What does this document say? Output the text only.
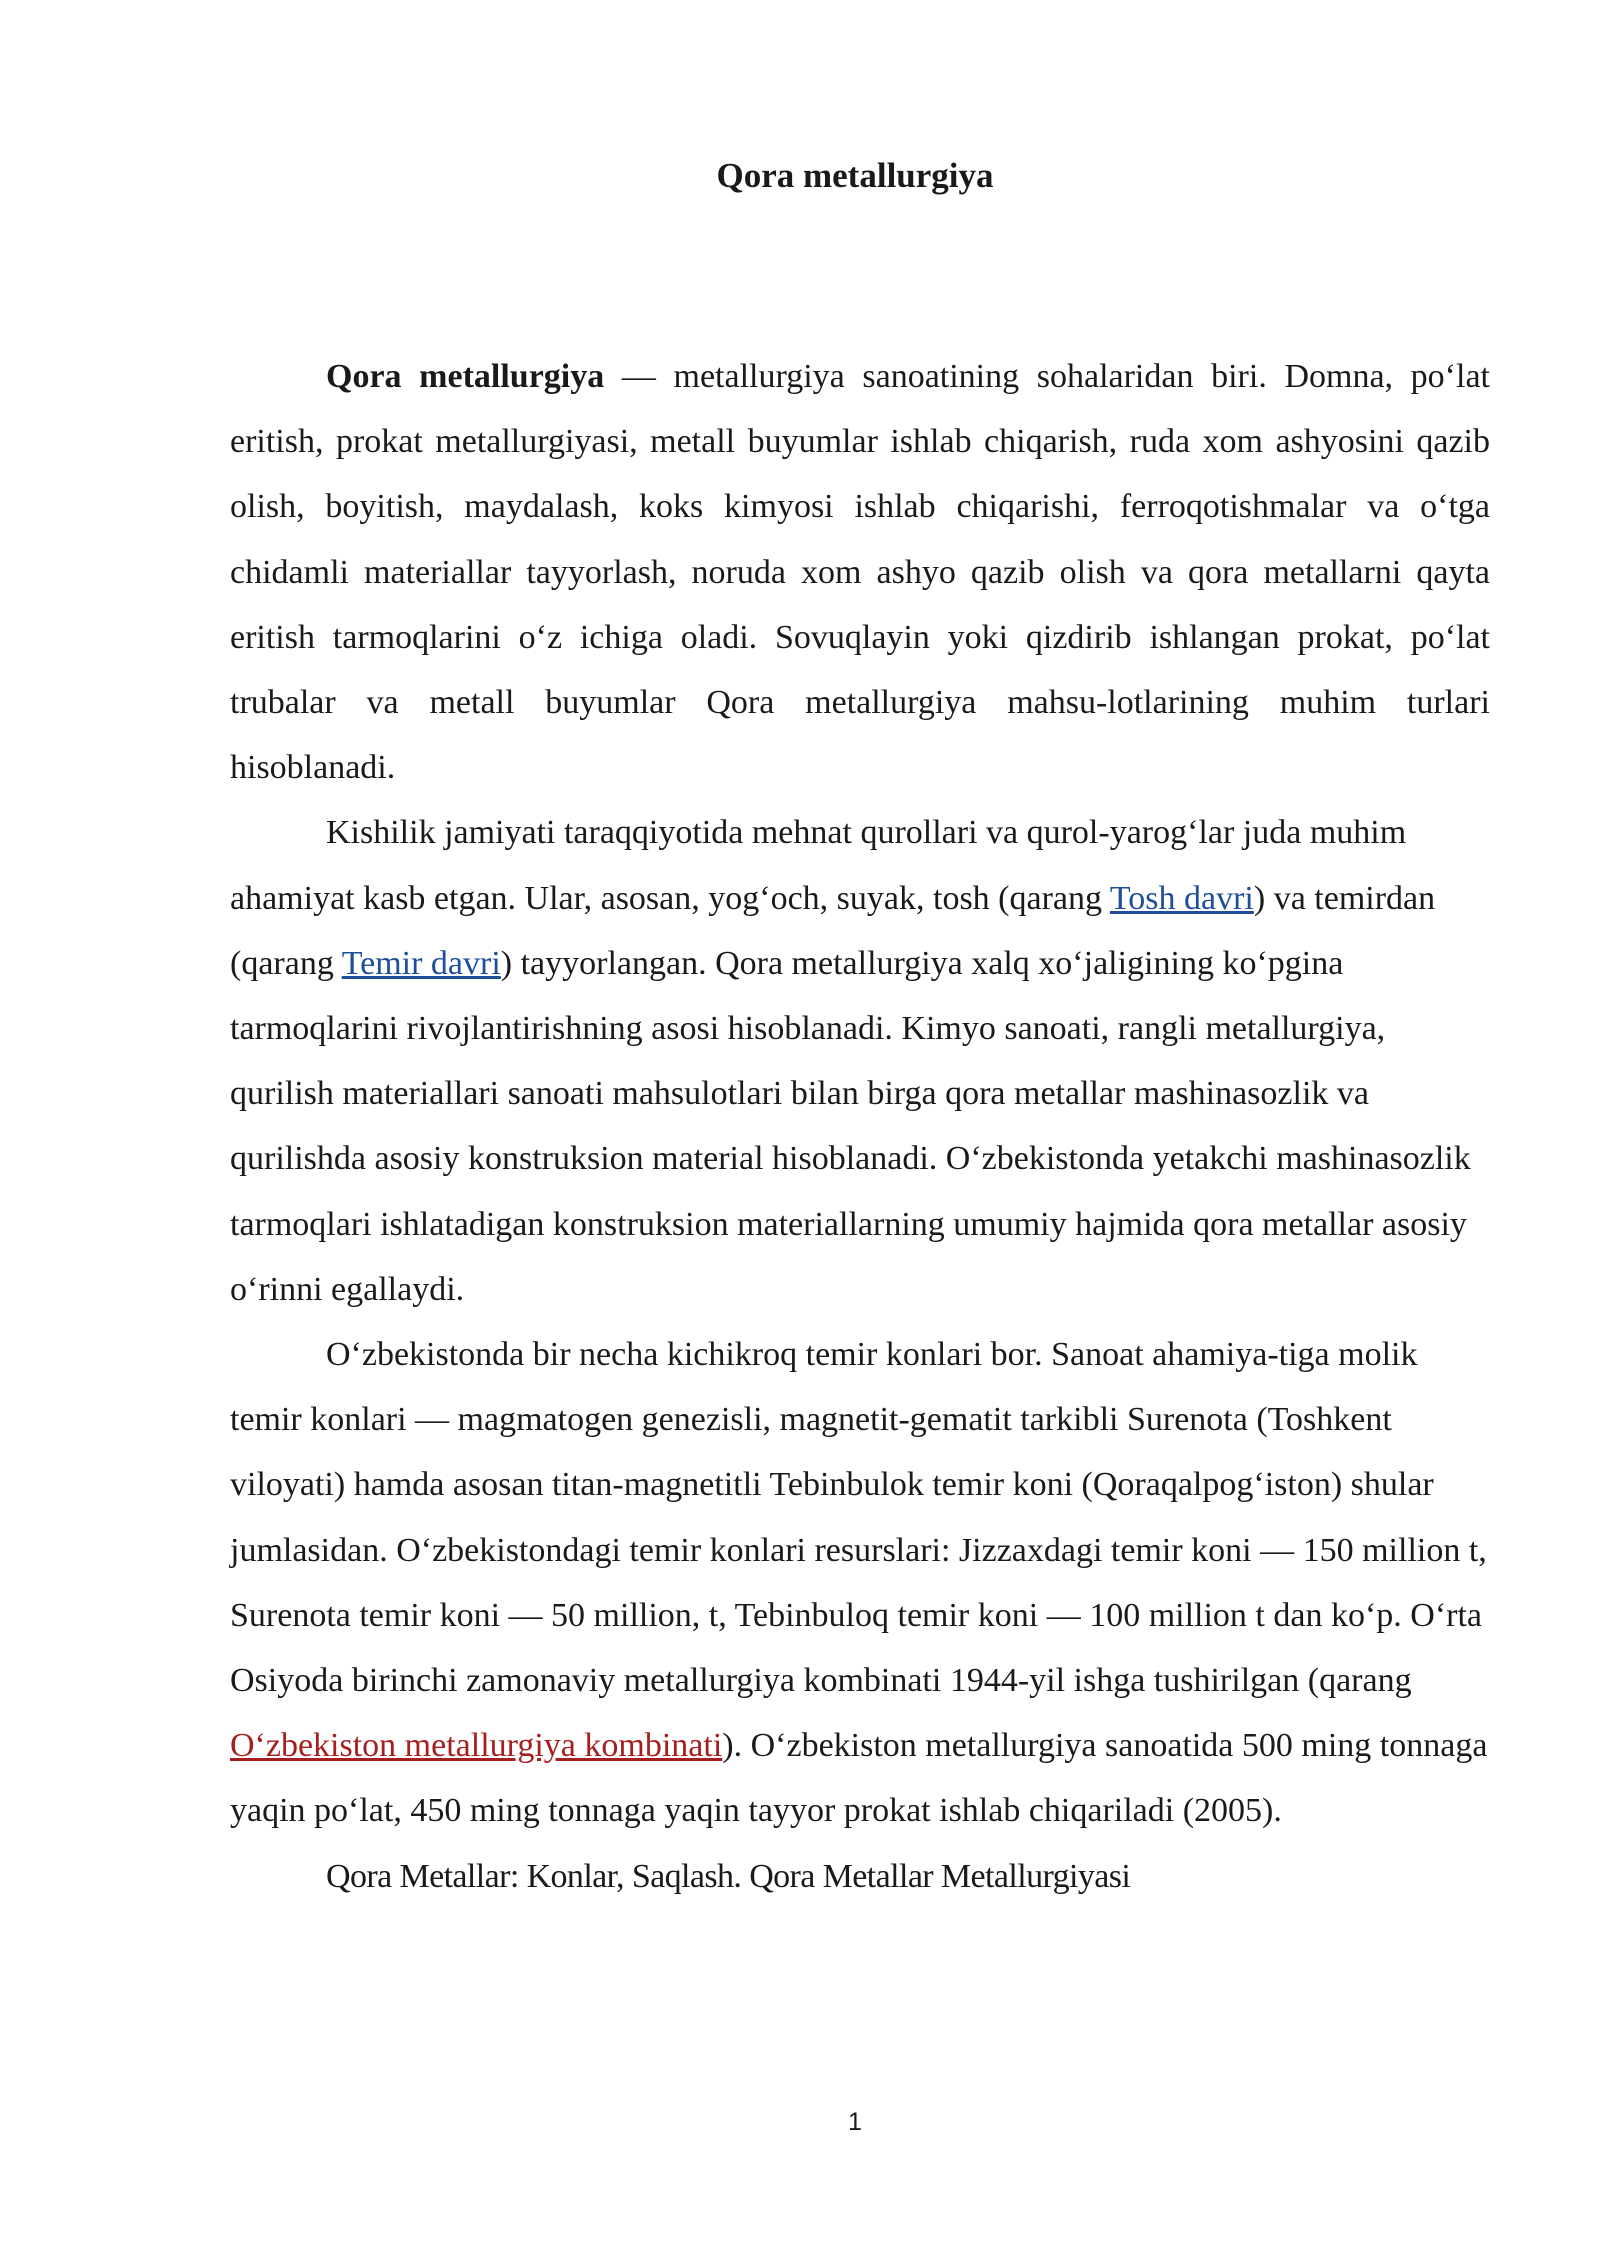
Qora metallurgiya

Qora metallurgiya — metallurgiya sanoatining sohalaridan biri. Domna, po‘lat eritish, prokat metallurgiyasi, metall buyumlar ishlab chiqarish, ruda xom ashyosini qazib olish, boyitish, maydalash, koks kimyosi ishlab chiqarishi, ferroqotishmalar va o‘tga chidamli materiallar tayyorlash, noruda xom ashyo qazib olish va qora metallarni qayta eritish tarmoqlarini o‘z ichiga oladi. Sovuqlayin yoki qizdirib ishlangan prokat, po‘lat trubalar va metall buyumlar Qora metallurgiya mahsu-lotlarining muhim turlari hisoblanadi.

Kishilik jamiyati taraqqiyotida mehnat qurollari va qurol-yarog‘lar juda muhim ahamiyat kasb etgan. Ular, asosan, yog‘och, suyak, tosh (qarang Tosh davri) va temirdan (qarang Temir davri) tayyorlangan. Qora metallurgiya xalq xo‘jaligining ko‘pgina tarmoqlarini rivojlantirishning asosi hisoblanadi. Kimyo sanoati, rangli metallurgiya, qurilish materiallari sanoati mahsulotlari bilan birga qora metallar mashinasozlik va qurilishda asosiy konstruksion material hisoblanadi. O‘zbekistonda yetakchi mashinasozlik tarmoqlari ishlatadigan konstruksion materiallarning umumiy hajmida qora metallar asosiy o‘rinni egallaydi.

O‘zbekistonda bir necha kichikroq temir konlari bor. Sanoat ahamiya-tiga molik temir konlari — magmatogen genezisli, magnetit-gematit tarkibli Surenota (Toshkent viloyati) hamda asosan titan-magnetitli Tebinbulok temir koni (Qoraqalpog‘iston) shular jumlasidan. O‘zbekistondagi temir konlari resurslari: Jizzaxdagi temir koni — 150 million t, Surenota temir koni — 50 million, t, Tebinbuloq temir koni — 100 million t dan ko‘p. O‘rta Osiyoda birinchi zamonaviy metallurgiya kombinati 1944-yil ishga tushirilgan (qarang O‘zbekiston metallurgiya kombinati). O‘zbekiston metallurgiya sanoatida 500 ming tonnaga yaqin po‘lat, 450 ming tonnaga yaqin tayyor prokat ishlab chiqariladi (2005).

Qora Metallar: Konlar, Saqlash. Qora Metallar Metallurgiyasi

1
